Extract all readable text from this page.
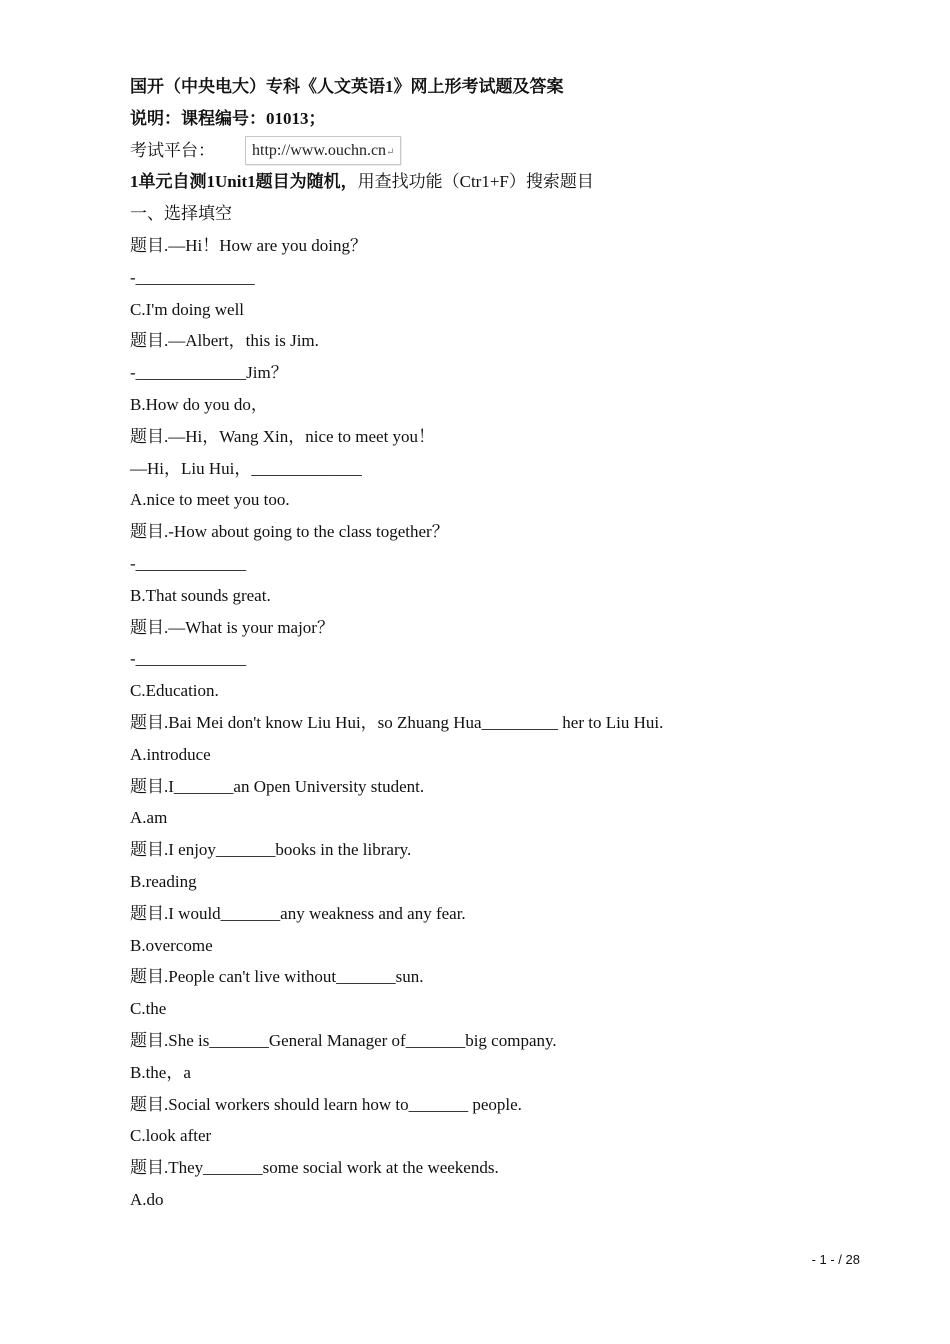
国开（中央电大）专科《人文英语1》网上形考试题及答案
说明：课程编号：01013；
考试平台：	http://www.ouchn.cn↵
1单元自测1Unit1题目为随机，用查找功能（Ctr1+F）搜索题目
一、选择填空
题目.—Hi！How are you doing？
-______________
C.I'm doing well
题目.—Albert，this is Jim.
-_____________Jim？
B.How do you do，
题目.—Hi，Wang Xin，nice to meet you！
—Hi，Liu Hui，_____________
A.nice to meet you too.
题目.-How about going to the class together？
-_____________
B.That sounds great.
题目.—What is your major？
-_____________
C.Education.
题目.Bai Mei don't know Liu Hui，so Zhuang Hua_________ her to Liu Hui.
A.introduce
题目.I_______an Open University student.
A.am
题目.I enjoy_______books in the library.
B.reading
题目.I would_______any weakness and any fear.
B.overcome
题目.People can't live without_______sun.
C.the
题目.She is_______General Manager of_______big company.
B.the，a
题目.Social workers should learn how to_______ people.
C.look after
题目.They_______some social work at the weekends.
A.do
- 1 - / 28
